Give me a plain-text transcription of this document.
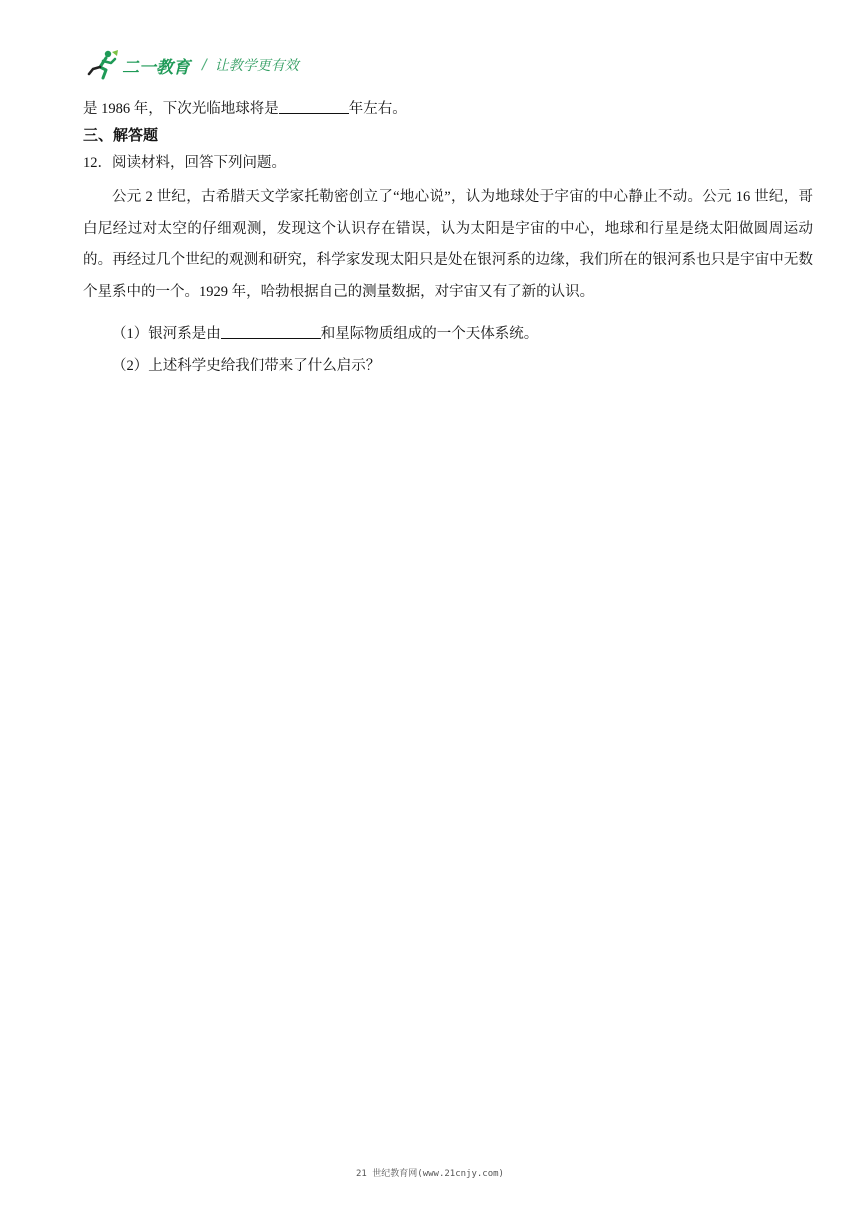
二一教育 / 让教学更有效
是 1986 年，下次光临地球将是	年左右。
三、解答题
12．阅读材料，回答下列问题。
公元 2 世纪，古希腊天文学家托勒密创立了“地心说”，认为地球处于宇宙的中心静止不动。公元 16 世纪，哥白尼经过对太空的仔细观测，发现这个认识存在错误，认为太阳是宇宙的中心，地球和行星是绕太阳做圆周运动的。再经过几个世纪的观测和研究，科学家发现太阳只是处在银河系的边缘，我们所在的银河系也只是宇宙中无数个星系中的一个。1929 年，哈勃根据自己的测量数据，对宇宙又有了新的认识。
（1）银河系是由	和星际物质组成的一个天体系统。
（2）上述科学史给我们带来了什么启示？
21 世纪教育网(www.21cnjy.com)
